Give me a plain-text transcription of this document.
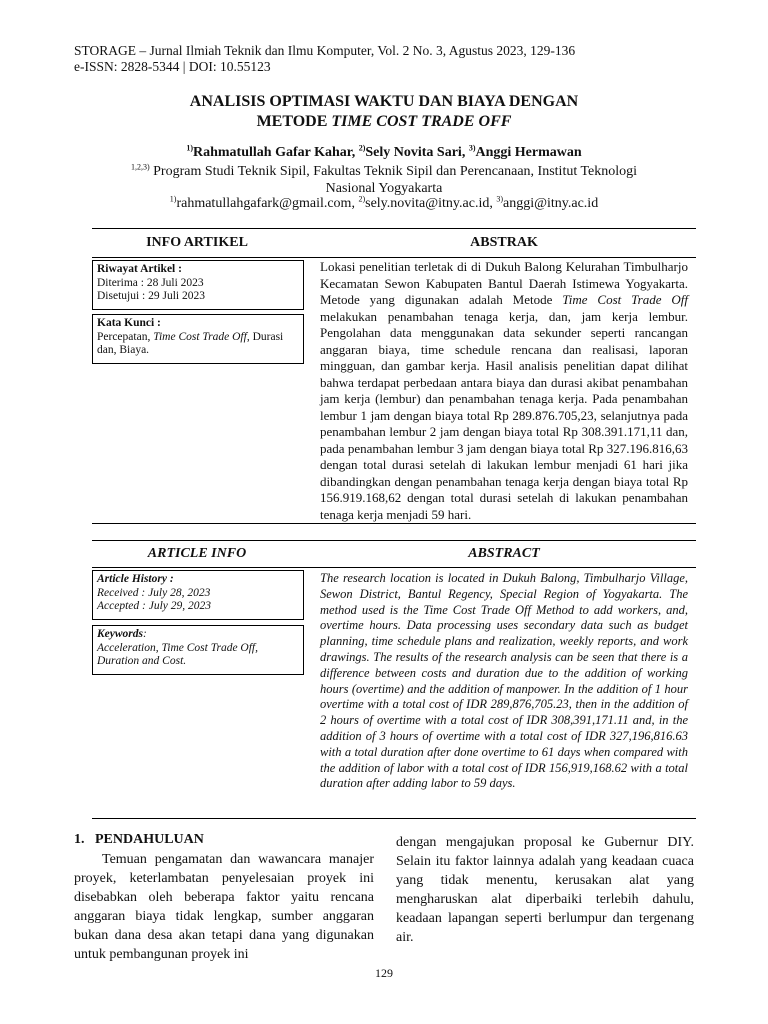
STORAGE – Jurnal Ilmiah Teknik dan Ilmu Komputer, Vol. 2 No. 3, Agustus 2023, 129-136
e-ISSN: 2828-5344 | DOI: 10.55123
ANALISIS OPTIMASI WAKTU DAN BIAYA DENGAN
METODE TIME COST TRADE OFF
$^{1)}$Rahmatullah Gafar Kahar, $^{2)}$Sely Novita Sari, $^{3)}$Anggi Hermawan
$^{1,2,3)}$ Program Studi Teknik Sipil, Fakultas Teknik Sipil dan Perencanaan, Institut Teknologi
Nasional Yogyakarta
$^{1)}$rahmatullahgafark@gmail.com, $^{2)}$sely.novita@itny.ac.id, $^{3)}$anggi@itny.ac.id
INFO ARTIKEL	ABSTRAK
Riwayat Artikel :
Diterima : 28 Juli 2023
Disetujui : 29 Juli 2023
Kata Kunci :
Percepatan, Time Cost Trade Off, Durasi dan, Biaya.
Lokasi penelitian terletak di di Dukuh Balong Kelurahan Timbulharjo Kecamatan Sewon Kabupaten Bantul Daerah Istimewa Yogyakarta. Metode yang digunakan adalah Metode Time Cost Trade Off melakukan penambahan tenaga kerja, dan, jam kerja lembur. Pengolahan data menggunakan data sekunder seperti rancangan anggaran biaya, time schedule rencana dan realisasi, laporan mingguan, dan gambar kerja. Hasil analisis penelitian dapat dilihat bahwa terdapat perbedaan antara biaya dan durasi akibat penambahan jam kerja (lembur) dan penambahan tenaga kerja. Pada penambahan lembur 1 jam dengan biaya total Rp 289.876.705,23, selanjutnya pada penambahan lembur 2 jam dengan biaya total Rp 308.391.171,11 dan, pada penambahan lembur 3 jam dengan biaya total Rp 327.196.816,63 dengan total durasi setelah di lakukan lembur menjadi 61 hari jika dibandingkan dengan penambahan tenaga kerja dengan biaya total Rp 156.919.168,62 dengan total durasi setelah di lakukan penambahan tenaga kerja menjadi 59 hari.
ARTICLE INFO	ABSTRACT
Article History :
Received : July 28, 2023
Accepted : July 29, 2023
Keywords:
Acceleration, Time Cost Trade Off, Duration and Cost.
The research location is located in Dukuh Balong, Timbulharjo Village, Sewon District, Bantul Regency, Special Region of Yogyakarta. The method used is the Time Cost Trade Off Method to add workers, and, overtime hours. Data processing uses secondary data such as budget planning, time schedule plans and realization, weekly reports, and work drawings. The results of the research analysis can be seen that there is a difference between costs and duration due to the addition of working hours (overtime) and the addition of manpower. In the addition of 1 hour overtime with a total cost of IDR 289,876,705.23, then in the addition of 2 hours of overtime with a total cost of IDR 308,391,171.11 and, in the addition of 3 hours of overtime with a total cost of IDR 327,196,816.63 with a total duration after done overtime to 61 days when compared with the addition of labor with a total cost of IDR 156,919,168.62 with a total duration after adding labor to 59 days.
1.   PENDAHULUAN
Temuan pengamatan dan wawancara manajer proyek, keterlambatan penyelesaian proyek ini disebabkan oleh beberapa faktor yaitu rencana anggaran biaya tidak lengkap, sumber anggaran bukan dana desa akan tetapi dana yang digunakan untuk pembangunan proyek ini
dengan mengajukan proposal ke Gubernur DIY. Selain itu faktor lainnya adalah yang keadaan cuaca yang tidak menentu, kerusakan alat yang mengharuskan alat diperbaiki terlebih dahulu, keadaan lapangan seperti berlumpur dan tergenang air.
129
